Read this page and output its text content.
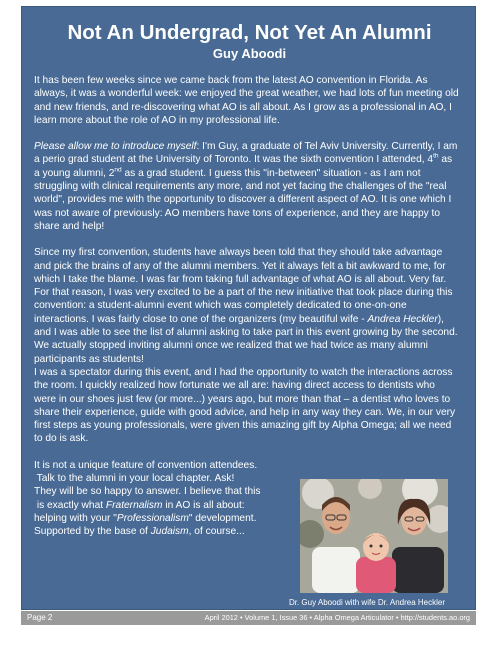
Not An Undergrad, Not Yet An Alumni
Guy Aboodi

It has been few weeks since we came back from the latest AO convention in Florida. As always, it was a wonderful week: we enjoyed the great weather, we had lots of fun meeting old and new friends, and re-discovering what AO is all about. As I grow as a professional in AO, I learn more about the role of AO in my professional life.

Please allow me to introduce myself: I'm Guy, a graduate of Tel Aviv University. Currently, I am a perio grad student at the University of Toronto. It was the sixth convention I attended, 4th as a young alumni, 2nd as a grad student. I guess this "in-between" situation - as I am not struggling with clinical requirements any more, and not yet facing the challenges of the "real world", provides me with the opportunity to discover a different aspect of AO. It is one which I was not aware of previously: AO members have tons of experience, and they are happy to share and help!

Since my first convention, students have always been told that they should take advantage and pick the brains of any of the alumni members. Yet it always felt a bit awkward to me, for which I take the blame. I was far from taking full advantage of what AO is all about. Very far. For that reason, I was very excited to be a part of the new initiative that took place during this convention: a student-alumni event which was completely dedicated to one-on-one interactions. I was fairly close to one of the organizers (my beautiful wife - Andrea Heckler), and I was able to see the list of alumni asking to take part in this event growing by the second. We actually stopped inviting alumni once we realized that we had twice as many alumni participants as students!

I was a spectator during this event, and I had the opportunity to watch the interactions across the room. I quickly realized how fortunate we all are: having direct access to dentists who were in our shoes just few (or more...) years ago, but more than that – a dentist who loves to share their experience, guide with good advice, and help in any way they can. We, in our very first steps as young professionals, were given this amazing gift by Alpha Omega; all we need to do is ask.

It is not a unique feature of convention attendees.
Talk to the alumni in your local chapter. Ask!
They will be so happy to answer. I believe that this
is exactly what Fraternalism in AO is all about:
helping with your "Professionalism" development.
Supported by the base of Judaism, of course...
Dr. Guy Aboodi with wife Dr. Andrea Heckler
Page 2	April 2012 • Volume 1, Issue 36 • Alpha Omega Articulator • http://students.ao.org
